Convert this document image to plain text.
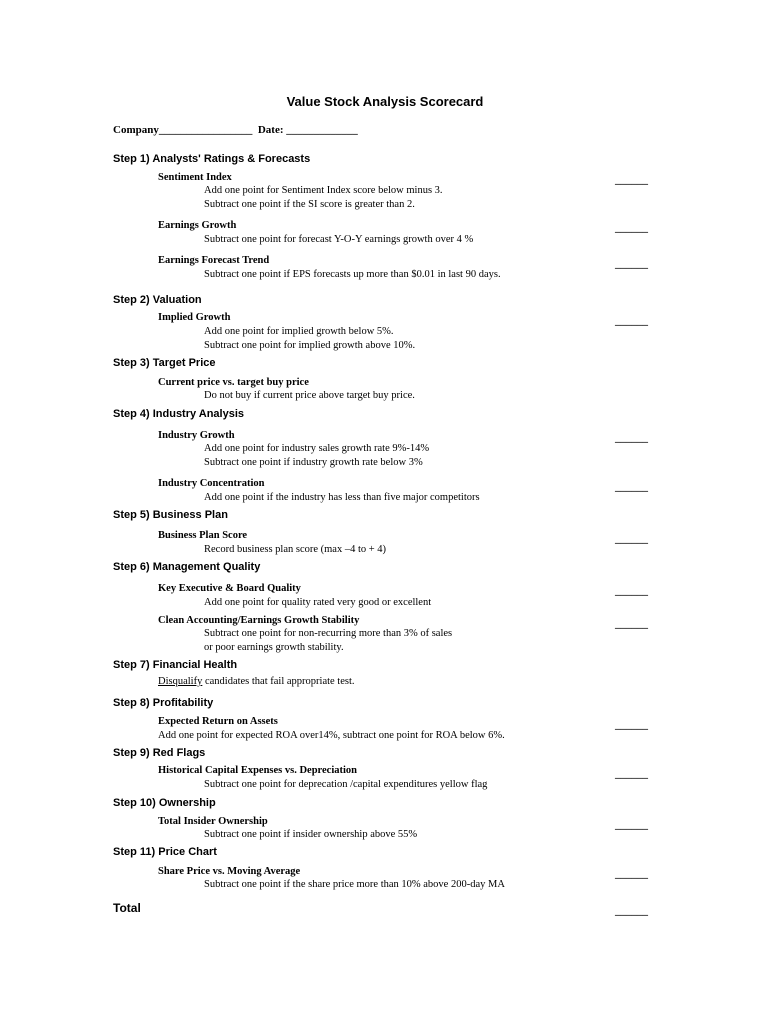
Value Stock Analysis Scorecard
Company_________________ Date: _____________
Step 1) Analysts' Ratings & Forecasts
Sentiment Index
Add one point for Sentiment Index score below minus 3.
Subtract one point if the SI score is greater than 2.
______
Earnings Growth
Subtract one point for forecast Y-O-Y earnings growth over 4 %
______
Earnings Forecast Trend
Subtract one point if EPS forecasts up more than $0.01 in last 90 days.
______
Step 2) Valuation
Implied Growth
Add one point for implied growth below 5%.
Subtract one point for implied growth above 10%.
______
Step 3) Target Price
Current price vs. target buy price
Do not buy if current price above target buy price.
Step 4) Industry Analysis
Industry Growth
Add one point for industry sales growth rate 9%-14%
Subtract one point if industry growth rate below 3%
______
Industry Concentration
Add one point if the industry has less than five major competitors
______
Step 5) Business Plan
Business Plan Score
Record business plan score (max –4 to + 4)
______
Step 6) Management Quality
Key Executive & Board Quality
Add one point for quality rated very good or excellent
______
Clean Accounting/Earnings Growth Stability
Subtract one point for non-recurring more than 3% of sales
or poor earnings growth stability.
______
Step 7) Financial Health
Disqualify candidates that fail appropriate test.
Step 8) Profitability
Expected Return on Assets
Add one point for expected ROA over14%, subtract one point for ROA below 6%.
______
Step 9) Red Flags
Historical Capital Expenses vs. Depreciation
Subtract one point for deprecation /capital expenditures yellow flag
______
Step 10) Ownership
Total Insider Ownership
Subtract one point if insider ownership above 55%
______
Step 11) Price Chart
Share Price vs. Moving Average
Subtract one point if the share price more than 10% above 200-day MA
______
Total	______
